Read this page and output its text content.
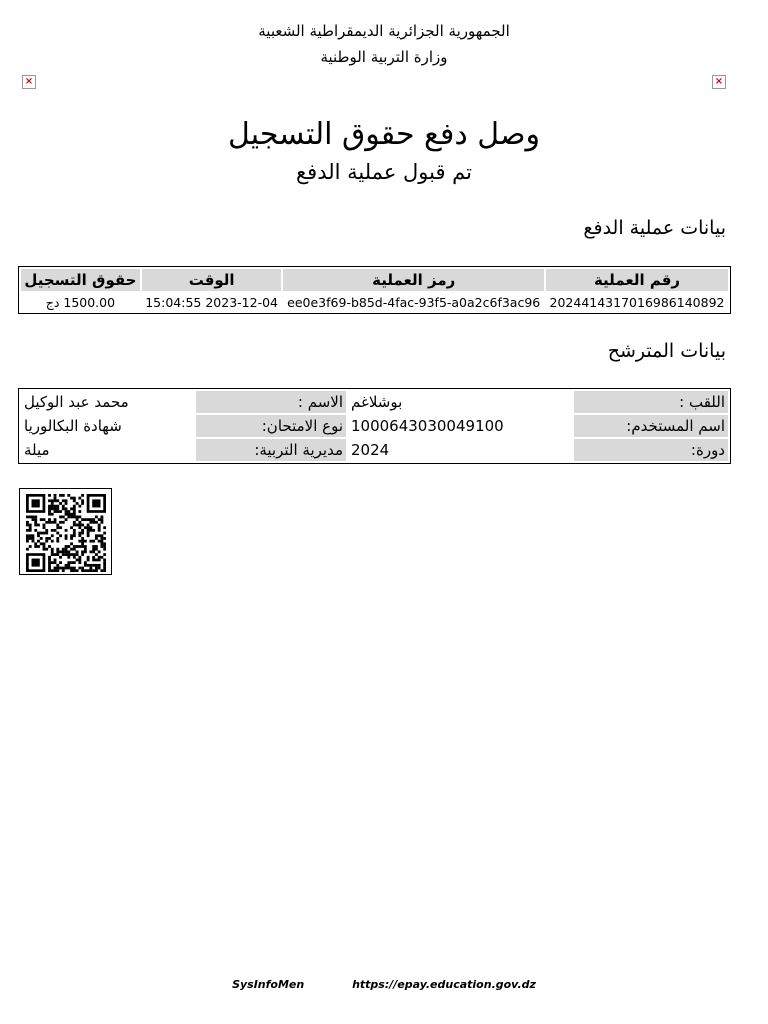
الجمهورية الجزائرية الديمقراطية الشعبية
وزارة التربية الوطنية
×	×
وصل دفع حقوق التسجيل
تم قبول عملية الدفع
بيانات عملية الدفع
رقم العملية	رمز العملية	الوقت	حقوق التسجيل
202441431701698614089​2	ee0e3f69-b85d-4fac-93f5-a0a2c6f3ac96	2023-12-04 15:04:55	1500.00 دج
بيانات المترشح
اللقب :	بوشلاغم	الاسم :	محمد عبد الوكيل
اسم المستخدم:	1000643030049100	نوع الامتحان:	شهادة البكالوريا
دورة:	2024	مديرية التربية:	ميلة
SysInfoMen	https://epay.education.gov.dz
